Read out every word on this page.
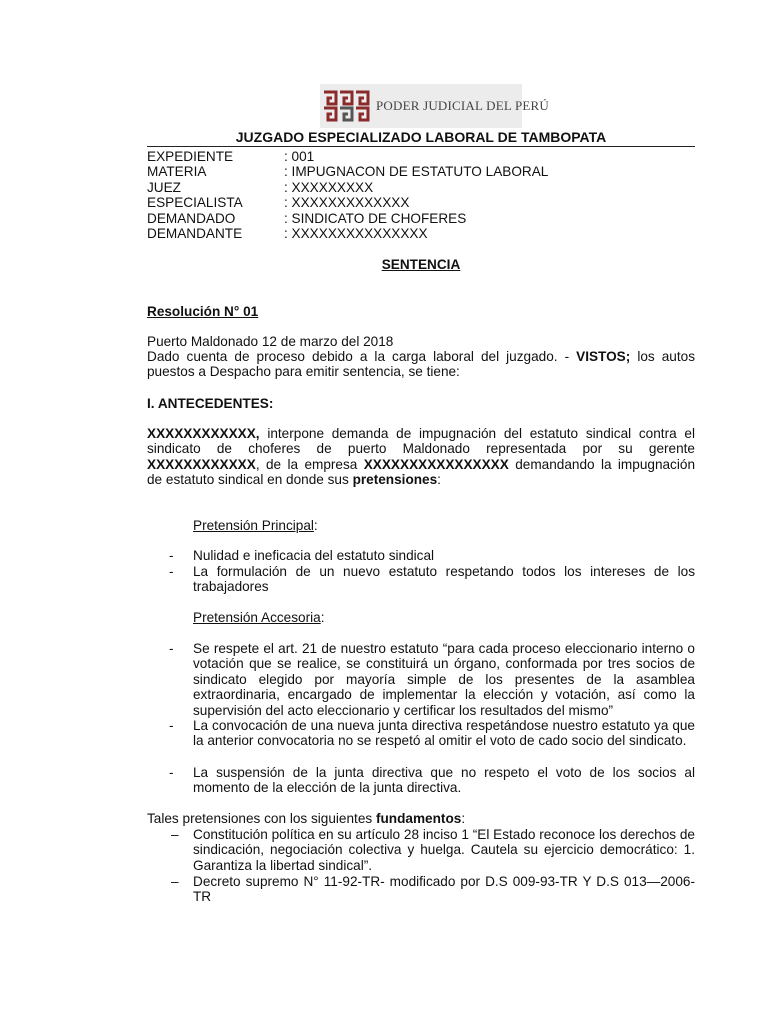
PODER JUDICIAL DEL PERÚ
JUZGADO ESPECIALIZADO LABORAL DE TAMBOPATA
EXPEDIENTE	: 001
MATERIA	: IMPUGNACON DE ESTATUTO LABORAL
JUEZ	: XXXXXXXXX
ESPECIALISTA	: XXXXXXXXXXXXX
DEMANDADO	: SINDICATO DE CHOFERES
DEMANDANTE	: XXXXXXXXXXXXXXX
SENTENCIA
Resolución N° 01
Puerto Maldonado 12 de marzo del 2018
Dado cuenta de proceso debido a la carga laboral del juzgado. - VISTOS; los autos puestos a Despacho para emitir sentencia, se tiene:
I. ANTECEDENTES:
XXXXXXXXXXXX, interpone demanda de impugnación del estatuto sindical contra el sindicato de choferes de puerto Maldonado representada por su gerente XXXXXXXXXXXX, de la empresa XXXXXXXXXXXXXXXX demandando la impugnación de estatuto sindical en donde sus pretensiones:
Pretensión Principal:
- Nulidad e ineficacia del estatuto sindical
- La formulación de un nuevo estatuto respetando todos los intereses de los trabajadores
Pretensión Accesoria:
- Se respete el art. 21 de nuestro estatuto “para cada proceso eleccionario interno o votación que se realice, se constituirá un órgano, conformada por tres socios de sindicato elegido por mayoría simple de los presentes de la asamblea extraordinaria, encargado de implementar la elección y votación, así como la supervisión del acto eleccionario y certificar los resultados del mismo”
- La convocación de una nueva junta directiva respetándose nuestro estatuto ya que la anterior convocatoria no se respetó al omitir el voto de cado socio del sindicato.
- La suspensión de la junta directiva que no respeto el voto de los socios al momento de la elección de la junta directiva.
Tales pretensiones con los siguientes fundamentos:
– Constitución política en su artículo 28 inciso 1 “El Estado reconoce los derechos de sindicación, negociación colectiva y huelga. Cautela su ejercicio democrático: 1. Garantiza la libertad sindical”.
– Decreto supremo N° 11-92-TR- modificado por D.S 009-93-TR Y D.S 013—2006-TR
